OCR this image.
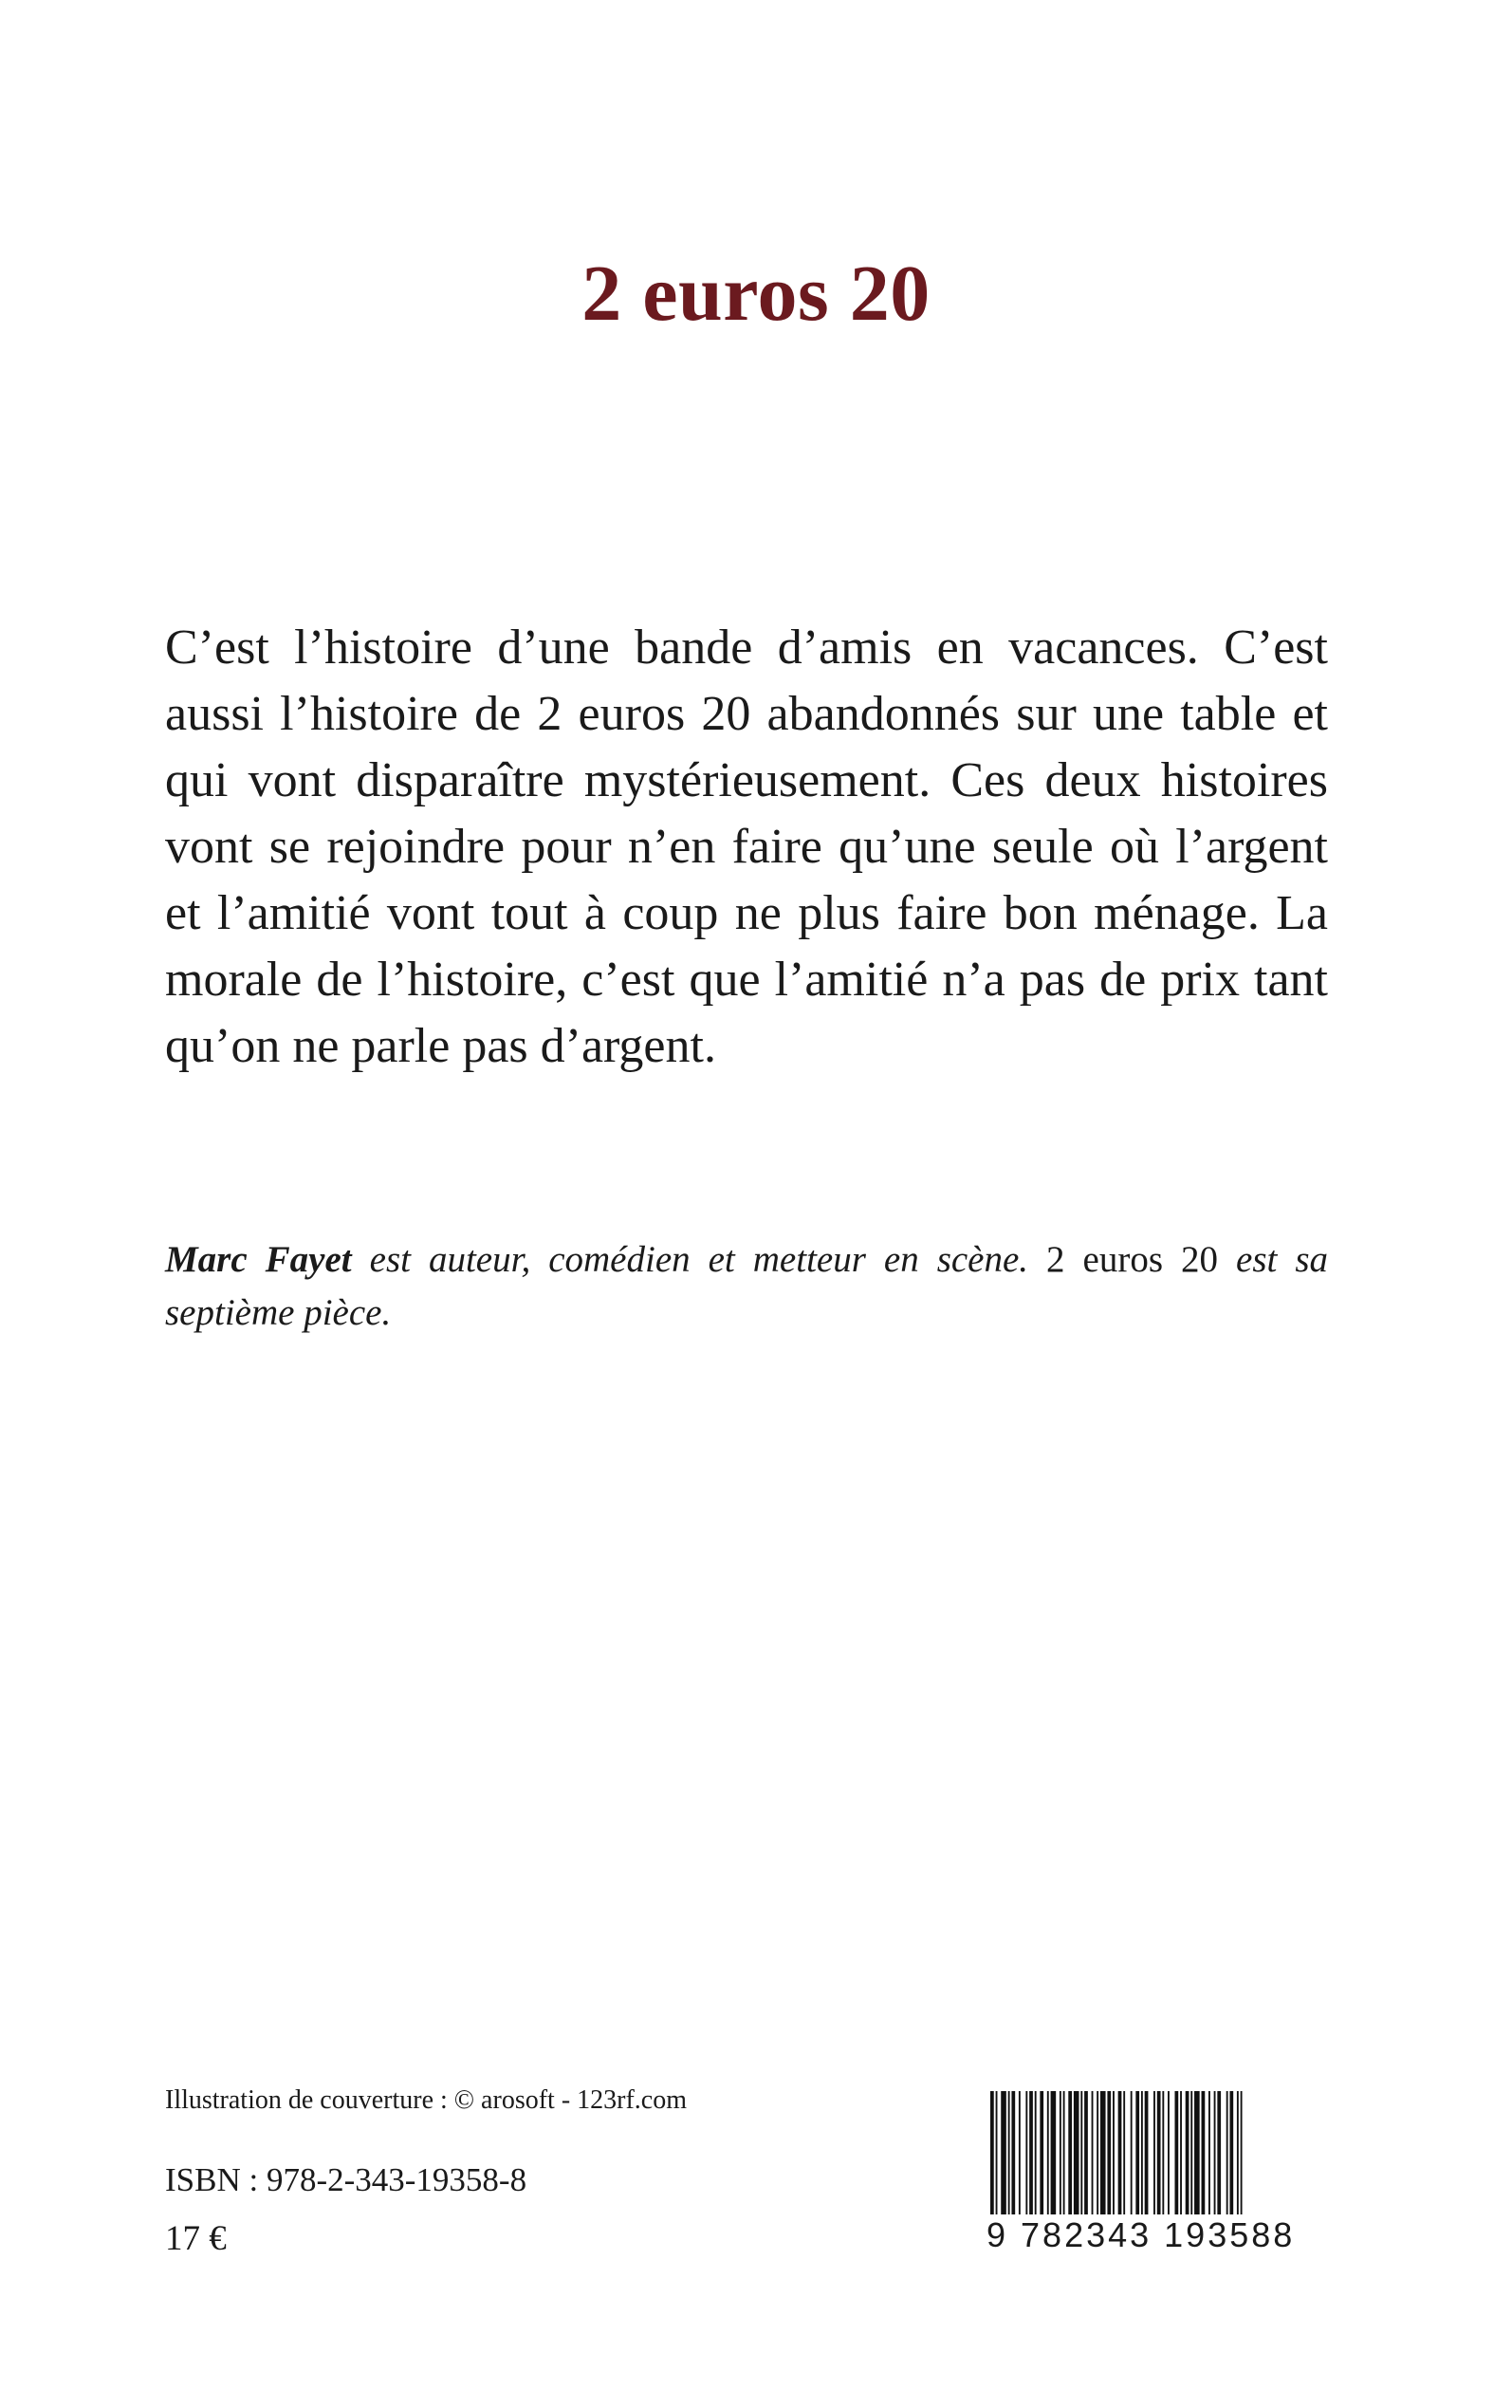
2 euros 20

C’est l’histoire d’une bande d’amis en vacances. C’est aussi l’histoire de 2 euros 20 abandonnés sur une table et qui vont disparaître mystérieusement. Ces deux histoires vont se rejoindre pour n’en faire qu’une seule où l’argent et l’amitié vont tout à coup ne plus faire bon ménage. La morale de l’histoire, c’est que l’amitié n’a pas de prix tant qu’on ne parle pas d’argent.

Marc Fayet est auteur, comédien et metteur en scène. 2 euros 20 est sa septième pièce.

Illustration de couverture : © arosoft - 123rf.com
ISBN : 978-2-343-19358-8
17 €	9 782343 193588
